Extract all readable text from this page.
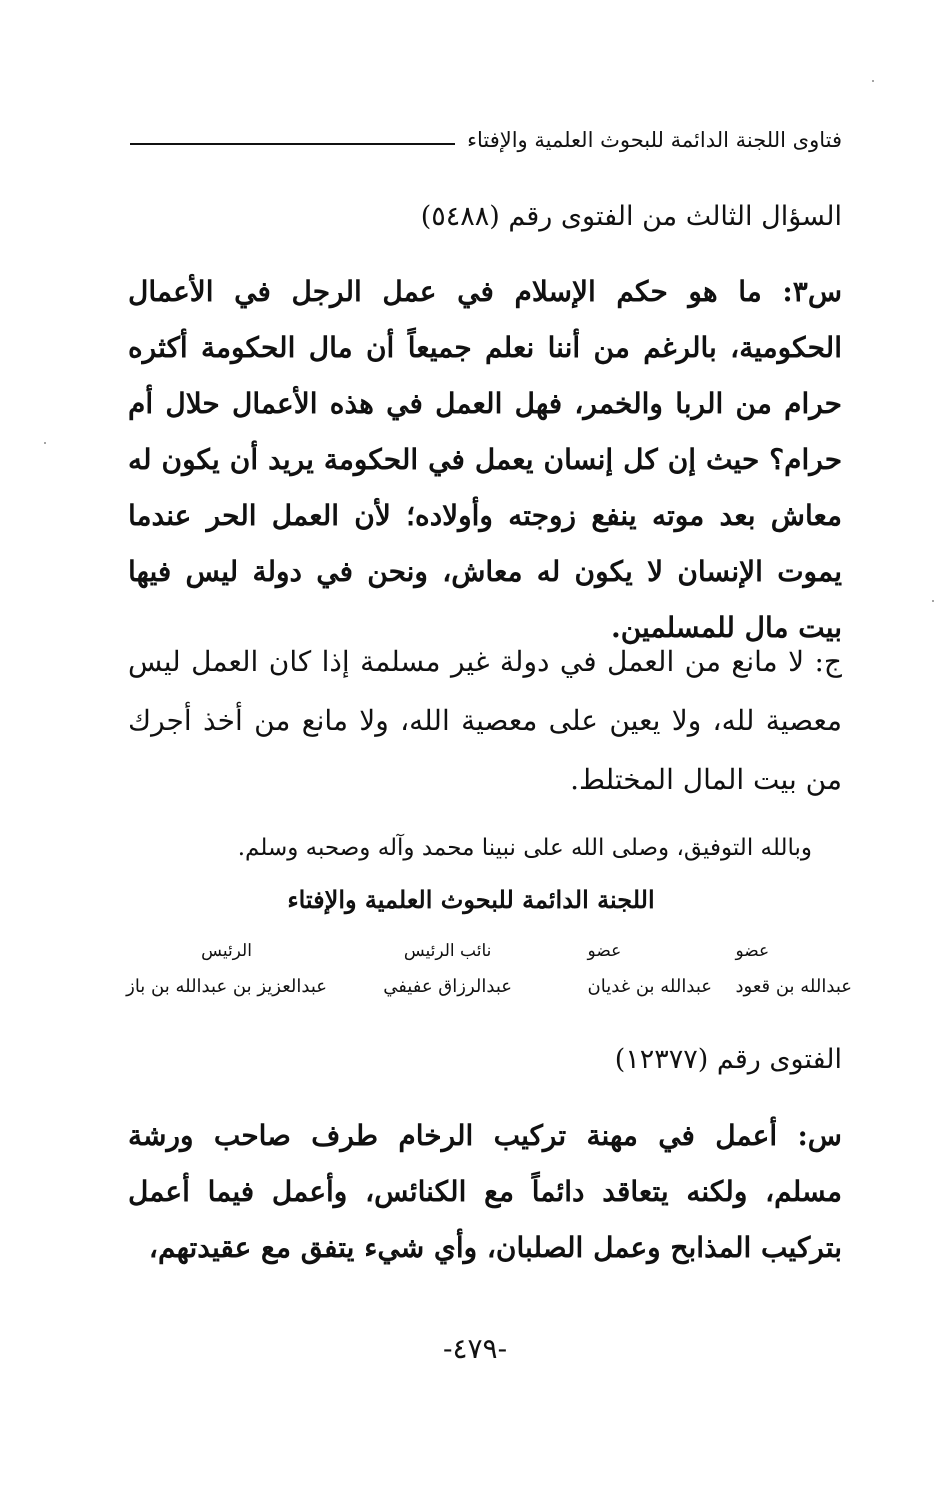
فتاوى اللجنة الدائمة للبحوث العلمية والإفتاء

السؤال الثالث من الفتوى رقم (٥٤٨٨)

س٣: ما هو حكم الإسلام في عمل الرجل في الأعمال الحكومية، بالرغم من أننا نعلم جميعاً أن مال الحكومة أكثره حرام من الربا والخمر، فهل العمل في هذه الأعمال حلال أم حرام؟ حيث إن كل إنسان يعمل في الحكومة يريد أن يكون له معاش بعد موته ينفع زوجته وأولاده؛ لأن العمل الحر عندما يموت الإنسان لا يكون له معاش، ونحن في دولة ليس فيها بيت مال للمسلمين.

ج: لا مانع من العمل في دولة غير مسلمة إذا كان العمل ليس معصية لله، ولا يعين على معصية الله، ولا مانع من أخذ أجرك من بيت المال المختلط.

وبالله التوفيق، وصلى الله على نبينا محمد وآله وصحبه وسلم.

اللجنة الدائمة للبحوث العلمية والإفتاء

عضو
عبدالله بن قعود
عضو
عبدالله بن غديان
نائب الرئيس
عبدالرزاق عفيفي
الرئيس
عبدالعزيز بن عبدالله بن باز

الفتوى رقم (١٢٣٧٧)

س: أعمل في مهنة تركيب الرخام طرف صاحب ورشة مسلم، ولكنه يتعاقد دائماً مع الكنائس، وأعمل فيما أعمل بتركيب المذابح وعمل الصلبان، وأي شيء يتفق مع عقيدتهم،

-٤٧٩-
